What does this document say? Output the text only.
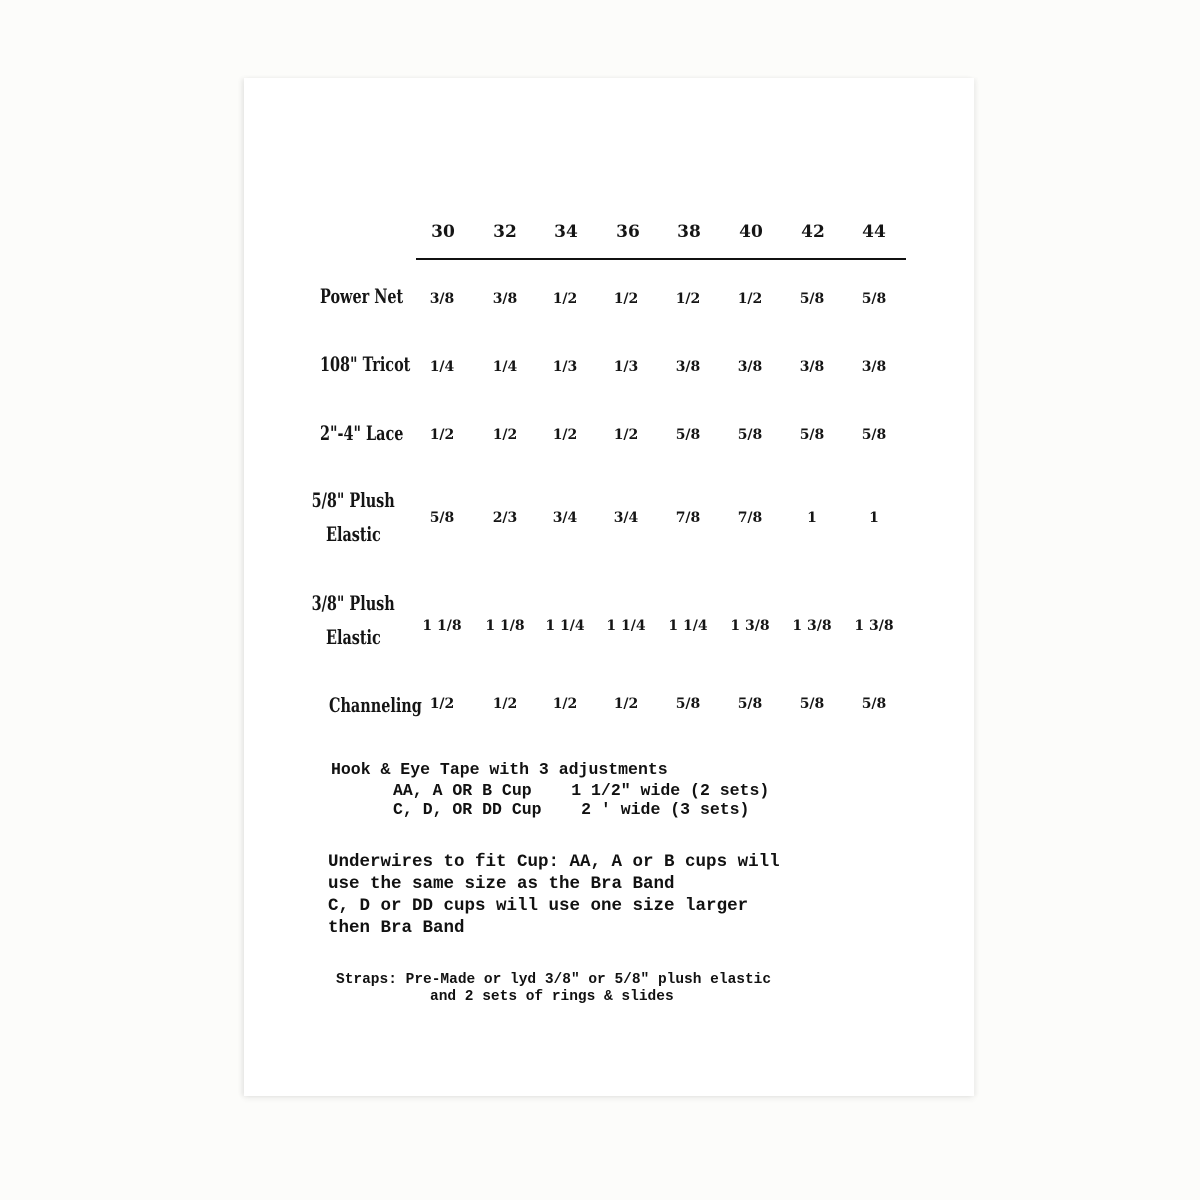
30	32	34	36	38	40	42	44
Power Net	3/8	3/8	1/2	1/2	1/2	1/2	5/8	5/8
108" Tricot	1/4	1/4	1/3	1/3	3/8	3/8	3/8	3/8
2"-4" Lace	1/2	1/2	1/2	1/2	5/8	5/8	5/8	5/8
5/8" Plush
Elastic
5/8	2/3	3/4	3/4	7/8	7/8	1	1
3/8" Plush
Elastic	1 1/8	1 1/8	1 1/4	1 1/4	1 1/4	1 3/8	1 3/8	1 3/8
Channeling 1/2	1/2	1/2	1/2	5/8	5/8	5/8	5/8
Hook & Eye Tape with 3 adjustments
AA, A OR B Cup    1 1/2" wide (2 sets)
C, D, OR DD Cup    2 ' wide (3 sets)
Underwires to fit Cup: AA, A or B cups will
use the same size as the Bra Band
C, D or DD cups will use one size larger
then Bra Band
Straps: Pre-Made or lyd 3/8" or 5/8" plush elastic
and 2 sets of rings & slides
